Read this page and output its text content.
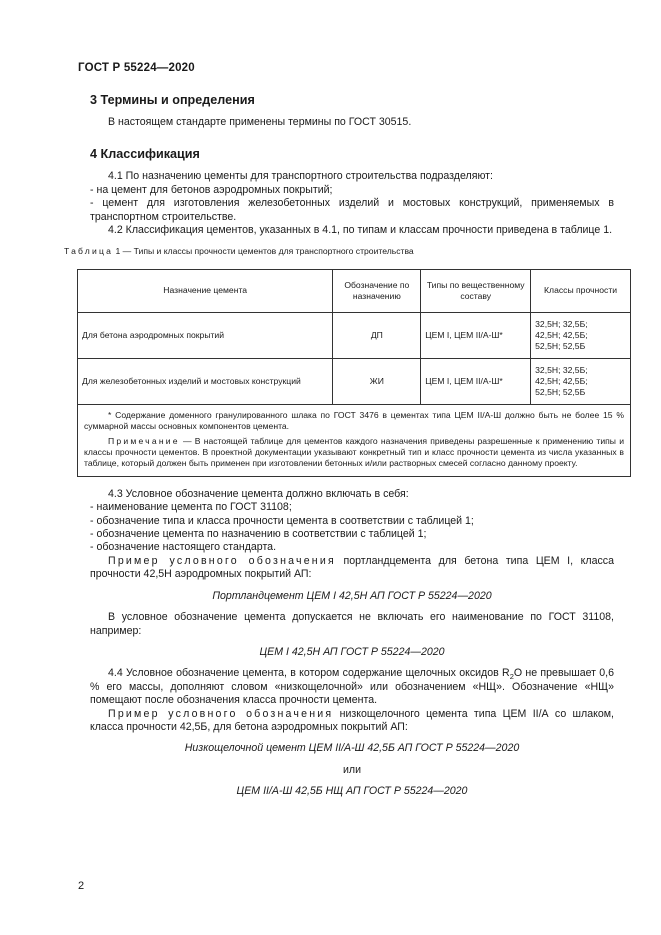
ГОСТ Р 55224—2020
3 Термины и определения

В настоящем стандарте применены термины по ГОСТ 30515.

4 Классификация

4.1 По назначению цементы для транспортного строительства подразделяют:

- на цемент для бетонов аэродромных покрытий;

- цемент для изготовления железобетонных изделий и мостовых конструкций, применяемых в транспортном строительстве.

4.2 Классификация цементов, указанных в 4.1, по типам и классам прочности приведена в таблице 1.

Таблица 1 — Типы и классы прочности цементов для транспортного строительства

Назначение цемента	Обозначение по назначению	Типы по вещественному составу	Классы прочности
Для бетона аэродромных покрытий	ДП	ЦЕМ I, ЦЕМ II/А-Ш*	32,5Н; 32,5Б;
42,5Н; 42,5Б;
52,5Н; 52,5Б

Для железобетонных изделий и мостовых конструкций	ЖИ	ЦЕМ I, ЦЕМ II/А-Ш*	32,5Н; 32,5Б;
42,5Н; 42,5Б;
52,5Н; 52,5Б

* Содержание доменного гранулированного шлака по ГОСТ 3476 в цементах типа ЦЕМ II/А-Ш должно быть не более 15 % суммарной массы основных компонентов цемента.

Примечание — В настоящей таблице для цементов каждого назначения приведены разрешенные к применению типы и классы прочности цементов. В проектной документации указывают конкретный тип и класс прочности цемента из числа указанных в таблице, который должен быть применен при изготовлении бетонных и/или растворных смесей согласно данному проекту.			

4.3 Условное обозначение цемента должно включать в себя:

- наименование цемента по ГОСТ 31108;

- обозначение типа и класса прочности цемента в соответствии с таблицей 1;

- обозначение цемента по назначению в соответствии с таблицей 1;

- обозначение настоящего стандарта.

Пример условного обозначения портландцемента для бетона типа ЦЕМ I, класса прочности 42,5Н аэродромных покрытий АП:

Портландцемент ЦЕМ I 42,5Н АП ГОСТ Р 55224—2020

В условное обозначение цемента допускается не включать его наименование по ГОСТ 31108, например:

ЦЕМ I 42,5Н АП ГОСТ Р 55224—2020

4.4 Условное обозначение цемента, в котором содержание щелочных оксидов $R_2O$ не превышает 0,6 % его массы, дополняют словом «низкощелочной» или обозначением «НЩ». Обозначение «НЩ» помещают после обозначения класса прочности цемента.

Пример условного обозначения низкощелочного цемента типа ЦЕМ II/А со шлаком, класса прочности 42,5Б, для бетона аэродромных покрытий АП:

Низкощелочной цемент ЦЕМ II/А-Ш 42,5Б АП ГОСТ Р 55224—2020

или

ЦЕМ II/А-Ш 42,5Б НЩ АП ГОСТ Р 55224—2020

2
